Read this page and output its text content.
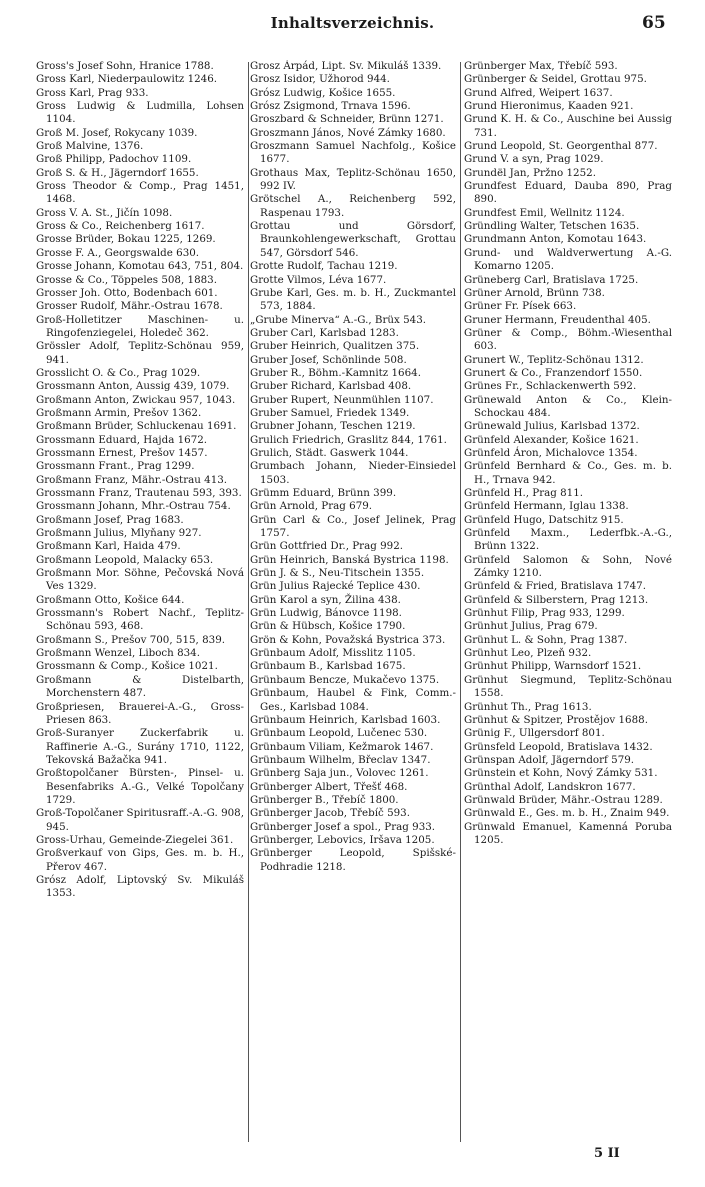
Inhaltsverzeichnis.	65

Gross's Josef Sohn, Hranice 1788.

Gross Karl, Niederpaulowitz 1246.

Gross Karl, Prag 933.

Gross Ludwig & Ludmilla, Lohsen 1104.

Groß M. Josef, Rokycany 1039.

Groß Malvine, 1376.

Groß Philipp, Padochov 1109.

Groß S. & H., Jägerndorf 1655.

Gross Theodor & Comp., Prag 1451, 1468.

Gross V. A. St., Jičín 1098.

Gross & Co., Reichenberg 1617.

Grosse Brüder, Bokau 1225, 1269.

Grosse F. A., Georgswalde 630.

Grosse Johann, Komotau 643, 751, 804.

Grosse & Co., Töppeles 508, 1883.

Grosser Joh. Otto, Bodenbach 601.

Grosser Rudolf, Mähr.-Ostrau 1678.

Groß-Holletitzer Maschinen- u. Ringofenziegelei, Holedeč 362.

Grössler Adolf, Teplitz-Schönau 959, 941.

Grosslicht O. & Co., Prag 1029.

Grossmann Anton, Aussig 439, 1079.

Großmann Anton, Zwickau 957, 1043.

Großmann Armin, Prešov 1362.

Großmann Brüder, Schluckenau 1691.

Grossmann Eduard, Hajda 1672.

Grossmann Ernest, Prešov 1457.

Grossmann Frant., Prag 1299.

Großmann Franz, Mähr.-Ostrau 413.

Grossmann Franz, Trautenau 593, 393.

Grossmann Johann, Mhr.-Ostrau 754.

Großmann Josef, Prag 1683.

Großmann Julius, Mlyňany 927.

Großmann Karl, Haida 479.

Großmann Leopold, Malacky 653.

Großmann Mor. Söhne, Pečovská Nová Ves 1329.

Großmann Otto, Košice 644.

Grossmann's Robert Nachf., Teplitz-Schönau 593, 468.

Großmann S., Prešov 700, 515, 839.

Großmann Wenzel, Liboch 834.

Grossmann & Comp., Košice 1021.

Großmann & Distelbarth, Morchenstern 487.

Großpriesen, Brauerei-A.-G., Gross-Priesen 863.

Groß-Suranyer Zuckerfabrik u. Raffinerie A.-G., Surány 1710, 1122, Tekovská Bažačka 941.

Großtopolčaner Bürsten-, Pinsel- u. Besenfabriks A.-G., Velké Topolčany 1729.

Groß-Topolčaner Spiritusraff.-A.-G. 908, 945.

Gross-Urhau, Gemeinde-Ziegelei 361.

Großverkauf von Gips, Ges. m. b. H., Přerov 467.

Grósz Adolf, Liptovský Sv. Mikuláš 1353.

Grosz Árpád, Lipt. Sv. Mikuláš 1339.

Grosz Isidor, Užhorod 944.

Grósz Ludwig, Košice 1655.

Grósz Zsigmond, Trnava 1596.

Groszbard & Schneider, Brünn 1271.

Groszmann János, Nové Zámky 1680.

Groszmann Samuel Nachfolg., Košice 1677.

Grothaus Max, Teplitz-Schönau 1650, 992 IV.

Grötschel A., Reichenberg 592, Raspenau 1793.

Grottau und Görsdorf, Braunkohlengewerkschaft, Grottau 547, Görsdorf 546.

Grotte Rudolf, Tachau 1219.

Grotte Vilmos, Léva 1677.

Grube Karl, Ges. m. b. H., Zuckmantel 573, 1884.

„Grube Minerva“ A.-G., Brüx 543.

Gruber Carl, Karlsbad 1283.

Gruber Heinrich, Qualitzen 375.

Gruber Josef, Schönlinde 508.

Gruber R., Böhm.-Kamnitz 1664.

Gruber Richard, Karlsbad 408.

Gruber Rupert, Neunmühlen 1107.

Gruber Samuel, Friedek 1349.

Grubner Johann, Teschen 1219.

Grulich Friedrich, Graslitz 844, 1761.

Grulich, Städt. Gaswerk 1044.

Grumbach Johann, Nieder-Einsiedel 1503.

Grümm Eduard, Brünn 399.

Grün Arnold, Prag 679.

Grün Carl & Co., Josef Jelinek, Prag 1757.

Grün Gottfried Dr., Prag 992.

Grün Heinrich, Banská Bystrica 1198.

Grün J. & S., Neu-Titschein 1355.

Grün Julius Rajecké Teplice 430.

Grün Karol a syn, Žilina 438.

Grün Ludwig, Bánovce 1198.

Grün & Hübsch, Košice 1790.

Grön & Kohn, Považská Bystrica 373.

Grünbaum Adolf, Misslitz 1105.

Grünbaum B., Karlsbad 1675.

Grünbaum Bencze, Mukačevo 1375.

Grünbaum, Haubel & Fink, Comm.-Ges., Karlsbad 1084.

Grünbaum Heinrich, Karlsbad 1603.

Grünbaum Leopold, Lučenec 530.

Grünbaum Viliam, Kežmarok 1467.

Grünbaum Wilhelm, Břeclav 1347.

Grünberg Saja jun., Volovec 1261.

Grünberger Albert, Třešť 468.

Grünberger B., Třebíč 1800.

Grünberger Jacob, Třebíč 593.

Grünberger Josef a spol., Prag 933.

Grünberger, Lebovics, Iršava 1205.

Grünberger Leopold, Spišské-Podhradie 1218.

Grünberger Max, Třebíč 593.

Grünberger & Seidel, Grottau 975.

Grund Alfred, Weipert 1637.

Grund Hieronimus, Kaaden 921.

Grund K. H. & Co., Auschine bei Aussig 731.

Grund Leopold, St. Georgenthal 877.

Grund V. a syn, Prag 1029.

Grundël Jan, Pržno 1252.

Grundfest Eduard, Dauba 890, Prag 890.

Grundfest Emil, Wellnitz 1124.

Gründling Walter, Tetschen 1635.

Grundmann Anton, Komotau 1643.

Grund- und Waldverwertung A.-G. Komarno 1205.

Grüneberg Carl, Bratislava 1725.

Grüner Arnold, Brünn 738.

Grüner Fr. Písek 663.

Gruner Hermann, Freudenthal 405.

Grüner & Comp., Böhm.-Wiesenthal 603.

Grunert W., Teplitz-Schönau 1312.

Grunert & Co., Franzendorf 1550.

Grünes Fr., Schlackenwerth 592.

Grünewald Anton & Co., Klein-Schockau 484.

Grünewald Julius, Karlsbad 1372.

Grünfeld Alexander, Košice 1621.

Grünfeld Áron, Michalovce 1354.

Grünfeld Bernhard & Co., Ges. m. b. H., Trnava 942.

Grünfeld H., Prag 811.

Grünfeld Hermann, Iglau 1338.

Grünfeld Hugo, Datschitz 915.

Grünfeld Maxm., Lederfbk.-A.-G., Brünn 1322.

Grünfeld Salomon & Sohn, Nové Zámky 1210.

Grünfeld & Fried, Bratislava 1747.

Grünfeld & Silberstern, Prag 1213.

Grünhut Filip, Prag 933, 1299.

Grünhut Julius, Prag 679.

Grünhut L. & Sohn, Prag 1387.

Grünhut Leo, Plzeň 932.

Grünhut Philipp, Warnsdorf 1521.

Grünhut Siegmund, Teplitz-Schönau 1558.

Grünhut Th., Prag 1613.

Grünhut & Spitzer, Prostějov 1688.

Grünig F., Ullgersdorf 801.

Grünsfeld Leopold, Bratislava 1432.

Grünspan Adolf, Jägerndorf 579.

Grünstein et Kohn, Nový Zámky 531.

Grünthal Adolf, Landskron 1677.

Grünwald Brüder, Mähr.-Ostrau 1289.

Grünwald E., Ges. m. b. H., Znaim 949.

Grünwald Emanuel, Kamenná Poruba 1205.

5 II
